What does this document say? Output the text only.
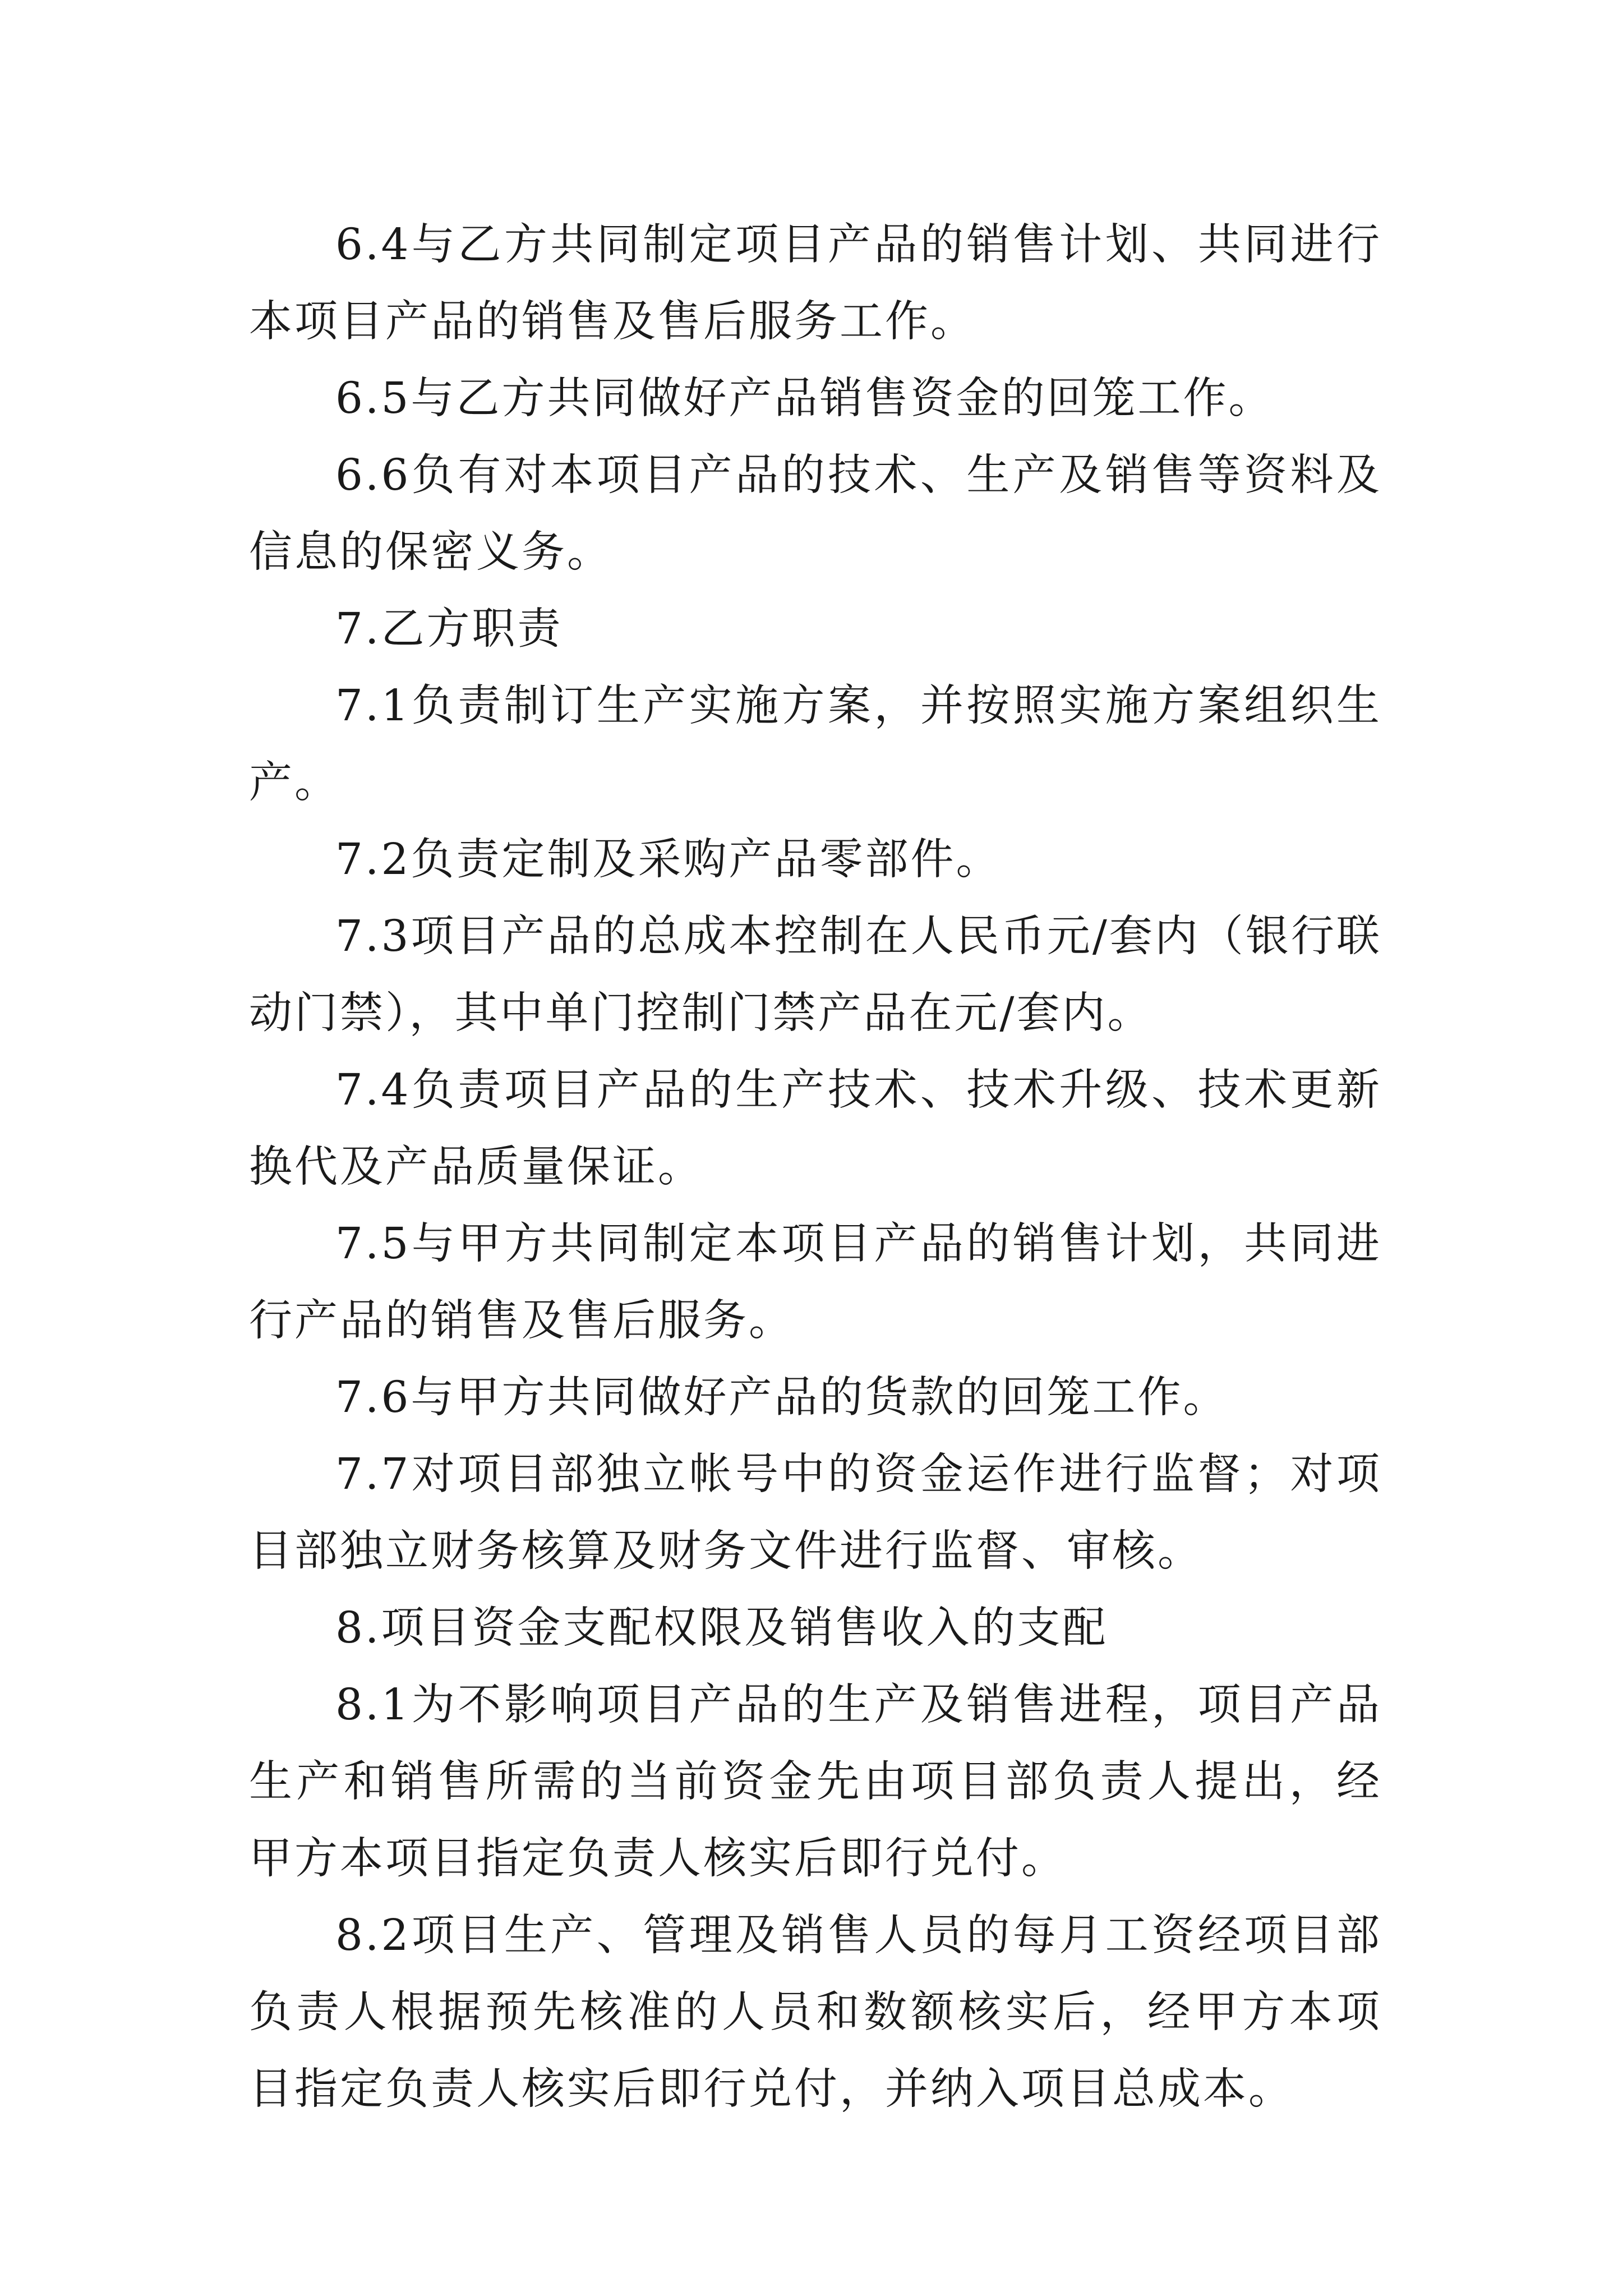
6.4与乙方共同制定项目产品的销售计划、共同进行本项目产品的销售及售后服务工作。

6.5与乙方共同做好产品销售资金的回笼工作。

6.6负有对本项目产品的技术、生产及销售等资料及信息的保密义务。

7.乙方职责

7.1负责制订生产实施方案，并按照实施方案组织生产。

7.2负责定制及采购产品零部件。

7.3项目产品的总成本控制在人民币元/套内（银行联动门禁），其中单门控制门禁产品在元/套内。

7.4负责项目产品的生产技术、技术升级、技术更新换代及产品质量保证。

7.5与甲方共同制定本项目产品的销售计划，共同进行产品的销售及售后服务。

7.6与甲方共同做好产品的货款的回笼工作。

7.7对项目部独立帐号中的资金运作进行监督；对项目部独立财务核算及财务文件进行监督、审核。

8.项目资金支配权限及销售收入的支配

8.1为不影响项目产品的生产及销售进程，项目产品生产和销售所需的当前资金先由项目部负责人提出，经甲方本项目指定负责人核实后即行兑付。

8.2项目生产、管理及销售人员的每月工资经项目部负责人根据预先核准的人员和数额核实后，经甲方本项目指定负责人核实后即行兑付，并纳入项目总成本。
